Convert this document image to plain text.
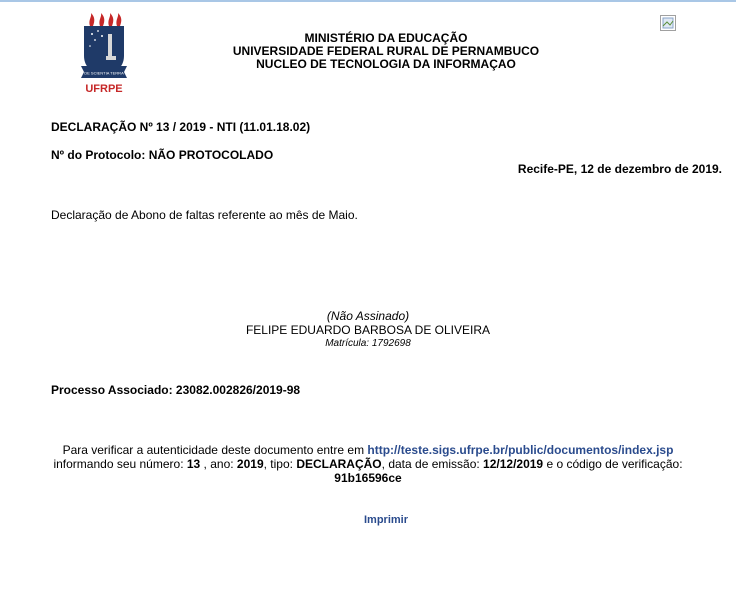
DE SCIENTIA TERRA
UFRPE
MINISTÉRIO DA EDUCAÇÃO
UNIVERSIDADE FEDERAL RURAL DE PERNAMBUCO
NUCLEO DE TECNOLOGIA DA INFORMAÇAO
DECLARAÇÃO Nº 13 / 2019 - NTI (11.01.18.02)
Nº do Protocolo: NÃO PROTOCOLADO
Recife-PE, 12 de dezembro de 2019.
Declaração de Abono de faltas referente ao mês de Maio.
(Não Assinado)
FELIPE EDUARDO BARBOSA DE OLIVEIRA
Matrícula: 1792698
Processo Associado: 23082.002826/2019-98
Para verificar a autenticidade deste documento entre em http://teste.sigs.ufrpe.br/public/documentos/index.jsp
informando seu número: 13 , ano: 2019, tipo: DECLARAÇÃO, data de emissão: 12/12/2019 e o código de verificação:
91b16596ce
Imprimir
